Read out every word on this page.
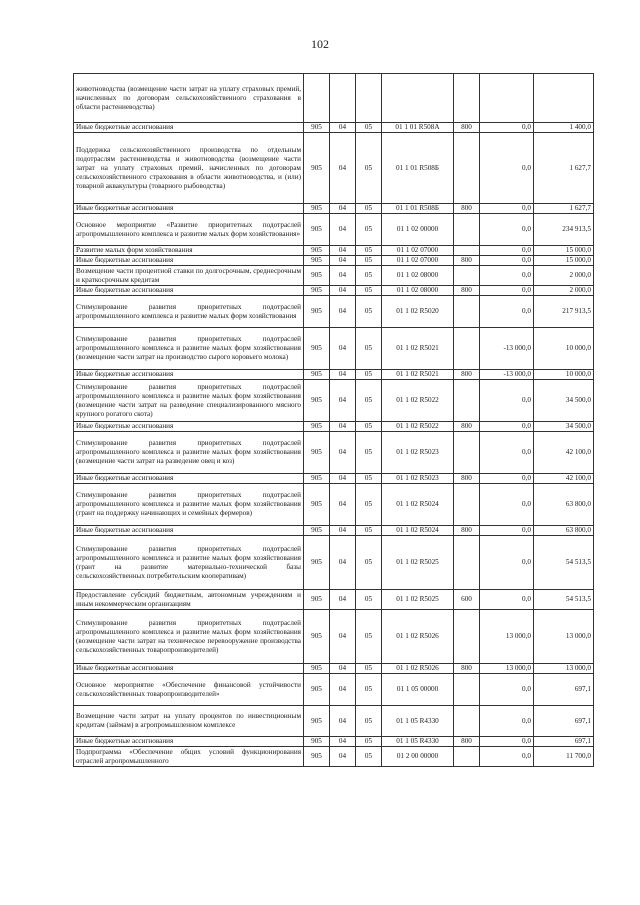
102
животноводства (возмещение части затрат на уплату страховых премий, начисленных по договорам сельскохозяйственного страхования в области растениеводства)							
Иные бюджетные ассигнования	905	04	05	01 1 01 R508А	800	0,0	1 400,0
Поддержка сельскохозяйственного производства по отдельным подотраслям растениеводства и животноводства (возмещение части затрат на уплату страховых премий, начисленных по договорам сельскохозяйственного страхования в области животноводства, и (или) товарной аквакультуры (товарного рыбоводства)	905	04	05	01 1 01 R508Б		0,0	1 627,7
Иные бюджетные ассигнования	905	04	05	01 1 01 R508Б	800	0,0	1 627,7
Основное мероприятие «Развитие приоритетных подотраслей агропромышленного комплекса и развитие малых форм хозяйствования»	905	04	05	01 1 02 00000		0,0	234 913,5
Развитие малых форм хозяйствования	905	04	05	01 1 02 07000		0,0	15 000,0
Иные бюджетные ассигнования	905	04	05	01 1 02 07000	800	0,0	15 000,0
Возмещение части процентной ставки по долгосрочным, среднесрочным и краткосрочным кредитам	905	04	05	01 1 02 08000		0,0	2 000,0
Иные бюджетные ассигнования	905	04	05	01 1 02 08000	800	0,0	2 000,0
Стимулирование развития приоритетных подотраслей агропромышленного комплекса и развитие малых форм хозяйствования	905	04	05	01 1 02 R5020		0,0	217 913,5
Стимулирование развития приоритетных подотраслей агропромышленного комплекса и развитие малых форм хозяйствования (возмещение части затрат на производство сырого коровьего молока)	905	04	05	01 1 02 R5021		-13 000,0	10 000,0
Иные бюджетные ассигнования	905	04	05	01 1 02 R5021	800	-13 000,0	10 000,0
Стимулирование развития приоритетных подотраслей агропромышленного комплекса и развитие малых форм хозяйствования (возмещение части затрат на разведение специализированного мясного крупного рогатого скота)	905	04	05	01 1 02 R5022		0,0	34 500,0
Иные бюджетные ассигнования	905	04	05	01 1 02 R5022	800	0,0	34 500,0
Стимулирование развития приоритетных подотраслей агропромышленного комплекса и развитие малых форм хозяйствования (возмещение части затрат на разведение овец и коз)	905	04	05	01 1 02 R5023		0,0	42 100,0
Иные бюджетные ассигнования	905	04	05	01 1 02 R5023	800	0,0	42 100,0
Стимулирование развития приоритетных подотраслей агропромышленного комплекса и развитие малых форм хозяйствования (грант на поддержку начинающих и семейных фермеров)	905	04	05	01 1 02 R5024		0,0	63 800,0
Иные бюджетные ассигнования	905	04	05	01 1 02 R5024	800	0,0	63 800,0
Стимулирование развития приоритетных подотраслей агропромышленного комплекса и развитие малых форм хозяйствования (грант на развитие материально-технической базы сельскохозяйственных потребительским кооперативам)	905	04	05	01 1 02 R5025		0,0	54 513,5
Предоставление субсидий бюджетным, автономным учреждениям и иным некоммерческим организациям	905	04	05	01 1 02 R5025	600	0,0	54 513,5
Стимулирование развития приоритетных подотраслей агропромышленного комплекса и развитие малых форм хозяйствования (возмещение части затрат на техническое перевооружение производства сельскохозяйственных товаропроизводителей)	905	04	05	01 1 02 R5026		13 000,0	13 000,0
Иные бюджетные ассигнования	905	04	05	01 1 02 R5026	800	13 000,0	13 000,0
Основное мероприятие «Обеспечение финансовой устойчивости сельскохозяйственных товаропроизводителей»	905	04	05	01 1 05 00000		0,0	697,1
Возмещение части затрат на уплату процентов по инвестиционным кредитам (займам) в агропромышленном комплексе	905	04	05	01 1 05 R4330		0,0	697,1
Иные бюджетные ассигнования	905	04	05	01 1 05 R4330	800	0,0	697,1
Подпрограмма «Обеспечение общих условий функционирования отраслей агропромышленного	905	04	05	01 2 00 00000		0,0	11 700,0
